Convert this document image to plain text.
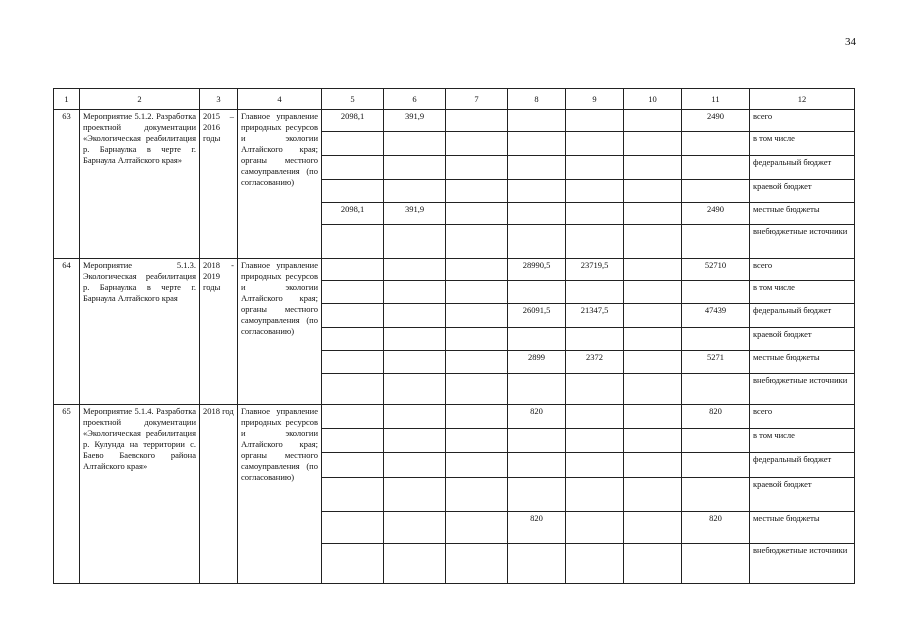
34
1	2	3	4	5	6	7	8	9	10	11	12
63	Мероприятие 5.1.2. Разработка проектной документации «Экологическая реабилитация р. Барнаулка в черте г. Барнаула Алтайского края»	2015 – 2016 годы	Главное управление природных ресурсов и экологии Алтайского края; органы местного самоуправления (по согласованию)	2098,1	391,9					2490	всего
											в том числе
											федеральный бюджет
											краевой бюджет
				2098,1	391,9					2490	местные бюджеты
											внебюджетные источники
64	Мероприятие 5.1.3. Экологическая реабилитация р. Барнаулка в черте г. Барнаула Алтайского края	2018 - 2019 годы	Главное управление природных ресурсов и экологии Алтайского края; органы местного самоуправления (по согласованию)				28990,5	23719,5		52710	всего
											в том числе
							26091,5	21347,5		47439	федеральный бюджет
											краевой бюджет
							2899	2372		5271	местные бюджеты
											внебюджетные источники
65	Мероприятие 5.1.4. Разработка проектной документации «Экологическая реабилитация р. Кулунда на территории с. Баево Баевского района Алтайского края»	2018 год	Главное управление природных ресурсов и экологии Алтайского края; органы местного самоуправления (по согласованию)				820			820	всего
											в том числе
											федеральный бюджет
											краевой бюджет
							820			820	местные бюджеты
											внебюджетные источники
